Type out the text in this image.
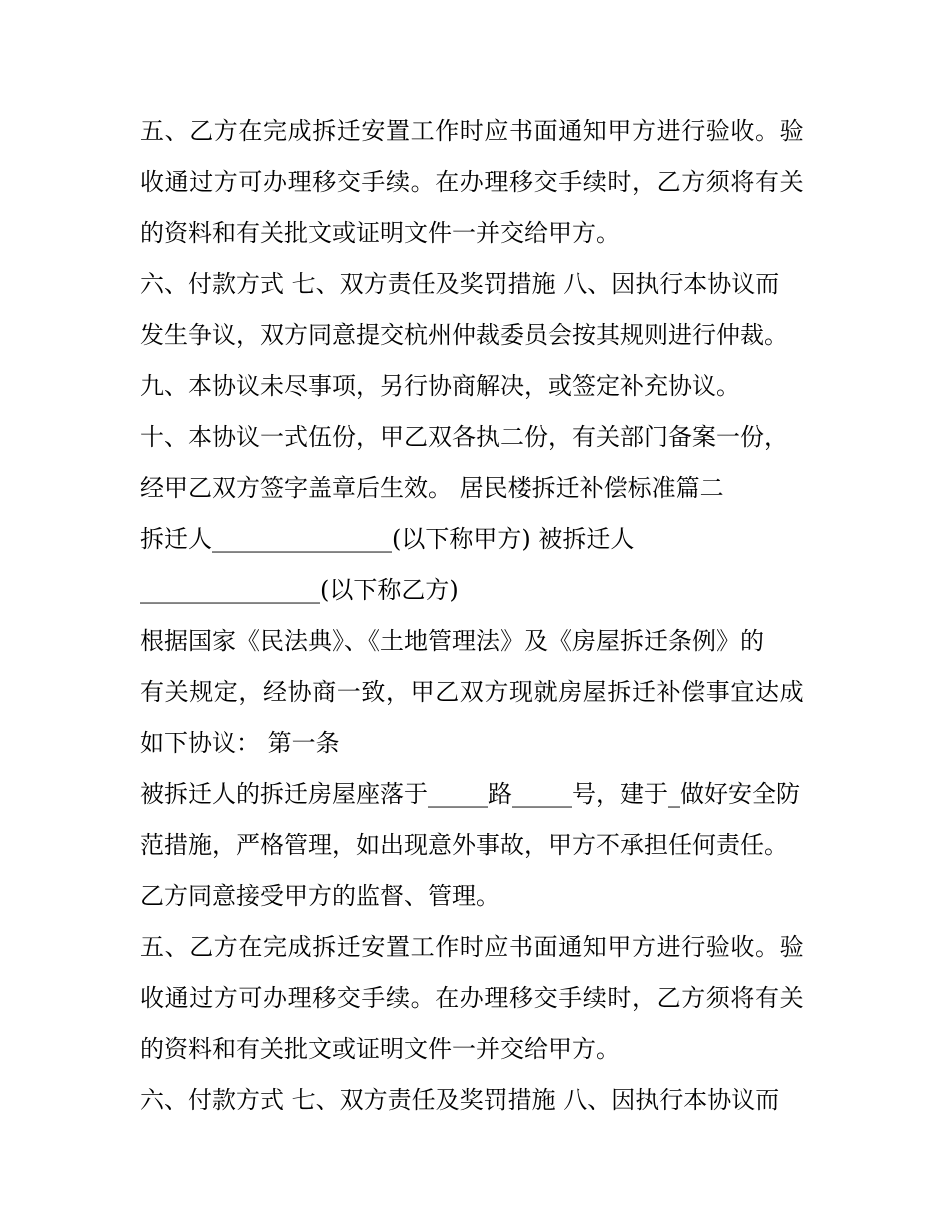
五、乙方在完成拆迁安置工作时应书面通知甲方进行验收。验
收通过方可办理移交手续。在办理移交手续时，乙方须将有关
的资料和有关批文或证明文件一并交给甲方。
六、付款方式 七、双方责任及奖罚措施 八、因执行本协议而
发生争议，双方同意提交杭州仲裁委员会按其规则进行仲裁。
九、本协议未尽事项，另行协商解决，或签定补充协议。
十、本协议一式伍份，甲乙双各执二份，有关部门备案一份，
经甲乙双方签字盖章后生效。 居民楼拆迁补偿标准篇二
拆迁人_______________(以下称甲方) 被拆迁人
_______________(以下称乙方)
根据国家《民法典》、《土地管理法》及《房屋拆迁条例》的
有关规定，经协商一致，甲乙双方现就房屋拆迁补偿事宜达成
如下协议： 第一条
被拆迁人的拆迁房屋座落于_____路_____号，建于_做好安全防
范措施，严格管理，如出现意外事故，甲方不承担任何责任。
乙方同意接受甲方的监督、管理。
五、乙方在完成拆迁安置工作时应书面通知甲方进行验收。验
收通过方可办理移交手续。在办理移交手续时，乙方须将有关
的资料和有关批文或证明文件一并交给甲方。
六、付款方式 七、双方责任及奖罚措施 八、因执行本协议而
